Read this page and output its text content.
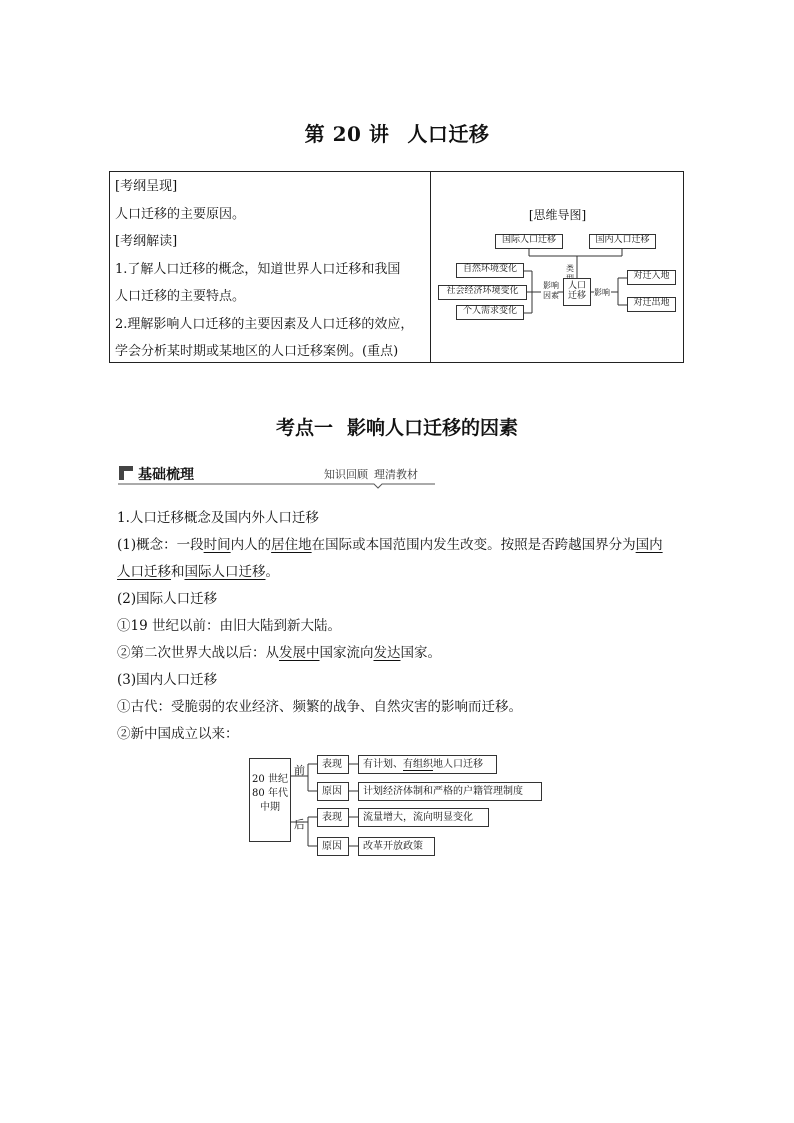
第 20 讲 人口迁移
[考纲呈现]
人口迁移的主要原因。
[考纲解读]
1.了解人口迁移的概念，知道世界人口迁移和我国
人口迁移的主要特点。
2.理解影响人口迁移的主要因素及人口迁移的效应，
学会分析某时期或某地区的人口迁移案例。(重点)
[思维导图]
国际人口迁移	国内人口迁移
自然环境变化
社会经济环境变化
个人需求变化
影响因素
类
人口迁移	影响
对迁入地
对迁出地
考点一 影响人口迁移的因素
基础梳理	知识回顾 理清教材
1.人口迁移概念及国内外人口迁移
(1)概念：一段时间内人的居住地在国际或本国范围内发生改变。按照是否跨越国界分为国内
人口迁移和国际人口迁移。
(2)国际人口迁移
①19 世纪以前：由旧大陆到新大陆。
②第二次世界大战以后：从发展中国家流向发达国家。
(3)国内人口迁移
①古代：受脆弱的农业经济、频繁的战争、自然灾害的影响而迁移。
②新中国成立以来：
20 世纪
80 年代
中期
前
后
表现
原因
表现
原因
有计划、有组织地人口迁移
计划经济体制和严格的户籍管理制度
流量增大，流向明显变化
改革开放政策
